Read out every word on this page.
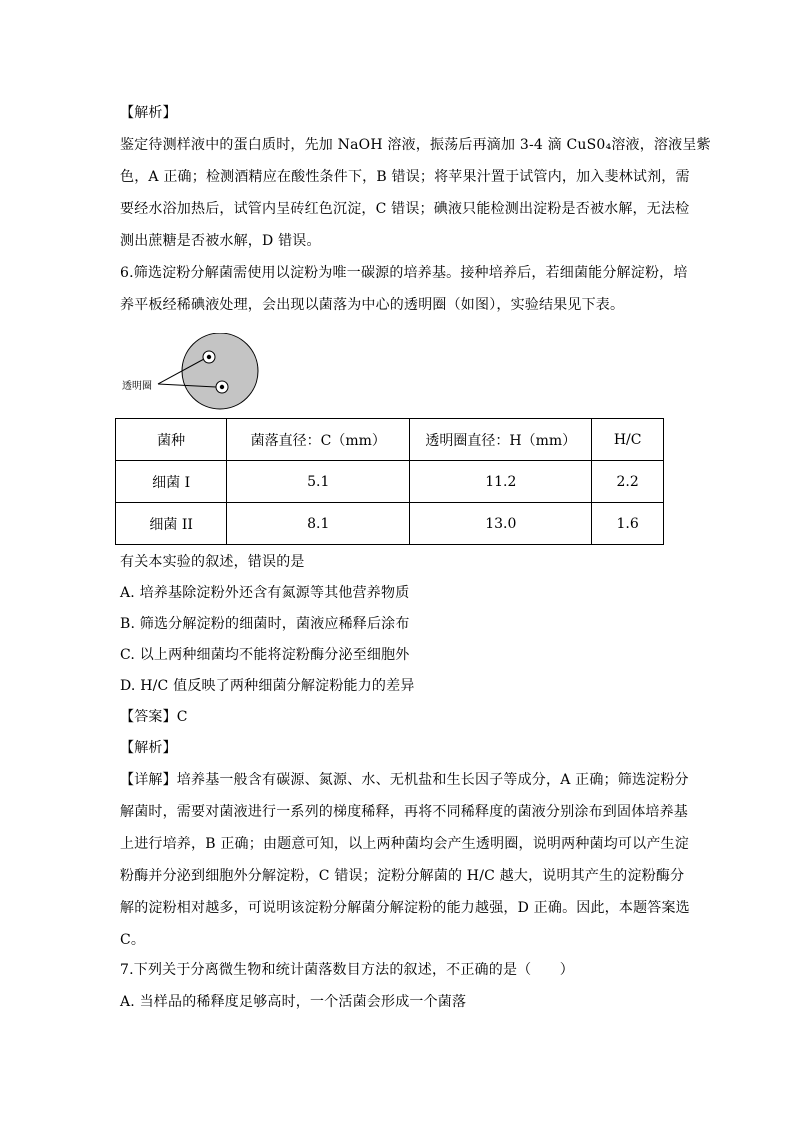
【解析】
鉴定待测样液中的蛋白质时，先加 NaOH 溶液，振荡后再滴加 3-4 滴 CuS0₄溶液，溶液呈紫
色，A 正确；检测酒精应在酸性条件下，B 错误；将苹果汁置于试管内，加入斐林试剂，需
要经水浴加热后，试管内呈砖红色沉淀，C 错误；碘液只能检测出淀粉是否被水解，无法检
测出蔗糖是否被水解，D 错误。
6.筛选淀粉分解菌需使用以淀粉为唯一碳源的培养基。接种培养后，若细菌能分解淀粉，培
养平板经稀碘液处理，会出现以菌落为中心的透明圈（如图），实验结果见下表。
透明圈
菌种	菌落直径：C（mm）	透明圈直径：H（mm）	H/C
细菌 I	5.1	11.2	2.2
细菌 II	8.1	13.0	1.6
有关本实验的叙述，错误的是
A. 培养基除淀粉外还含有氮源等其他营养物质
B. 筛选分解淀粉的细菌时，菌液应稀释后涂布
C. 以上两种细菌均不能将淀粉酶分泌至细胞外
D. H/C 值反映了两种细菌分解淀粉能力的差异
【答案】C
【解析】
【详解】培养基一般含有碳源、氮源、水、无机盐和生长因子等成分，A 正确；筛选淀粉分
解菌时，需要对菌液进行一系列的梯度稀释，再将不同稀释度的菌液分别涂布到固体培养基
上进行培养，B 正确；由题意可知，以上两种菌均会产生透明圈，说明两种菌均可以产生淀
粉酶并分泌到细胞外分解淀粉，C 错误；淀粉分解菌的 H/C 越大，说明其产生的淀粉酶分
解的淀粉相对越多，可说明该淀粉分解菌分解淀粉的能力越强，D 正确。因此，本题答案选
C。
7.下列关于分离微生物和统计菌落数目方法的叙述，不正确的是（　　）
A. 当样品的稀释度足够高时，一个活菌会形成一个菌落
